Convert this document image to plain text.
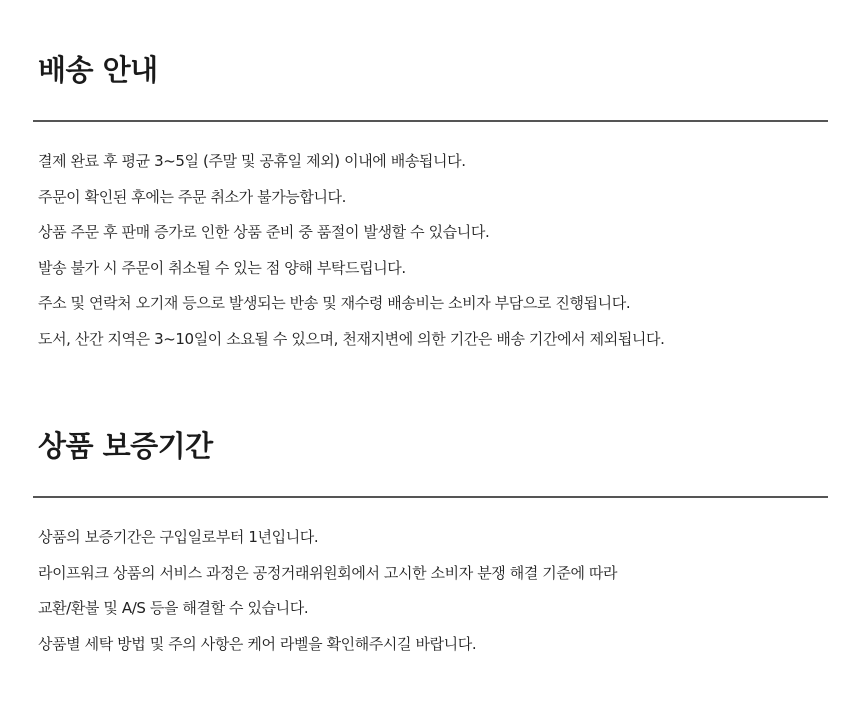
배송 안내
결제 완료 후 평균 3~5일 (주말 및 공휴일 제외) 이내에 배송됩니다.
주문이 확인된 후에는 주문 취소가 불가능합니다.
상품 주문 후 판매 증가로 인한 상품 준비 중 품절이 발생할 수 있습니다.
발송 불가 시 주문이 취소될 수 있는 점 양해 부탁드립니다.
주소 및 연락처 오기재 등으로 발생되는 반송 및 재수령 배송비는 소비자 부담으로 진행됩니다.
도서, 산간 지역은 3~10일이 소요될 수 있으며, 천재지변에 의한 기간은 배송 기간에서 제외됩니다.
상품 보증기간
상품의 보증기간은 구입일로부터 1년입니다.
라이프워크 상품의 서비스 과정은 공정거래위원회에서 고시한 소비자 분쟁 해결 기준에 따라
교환/환불 및 A/S 등을 해결할 수 있습니다.
상품별 세탁 방법 및 주의 사항은 케어 라벨을 확인해주시길 바랍니다.
